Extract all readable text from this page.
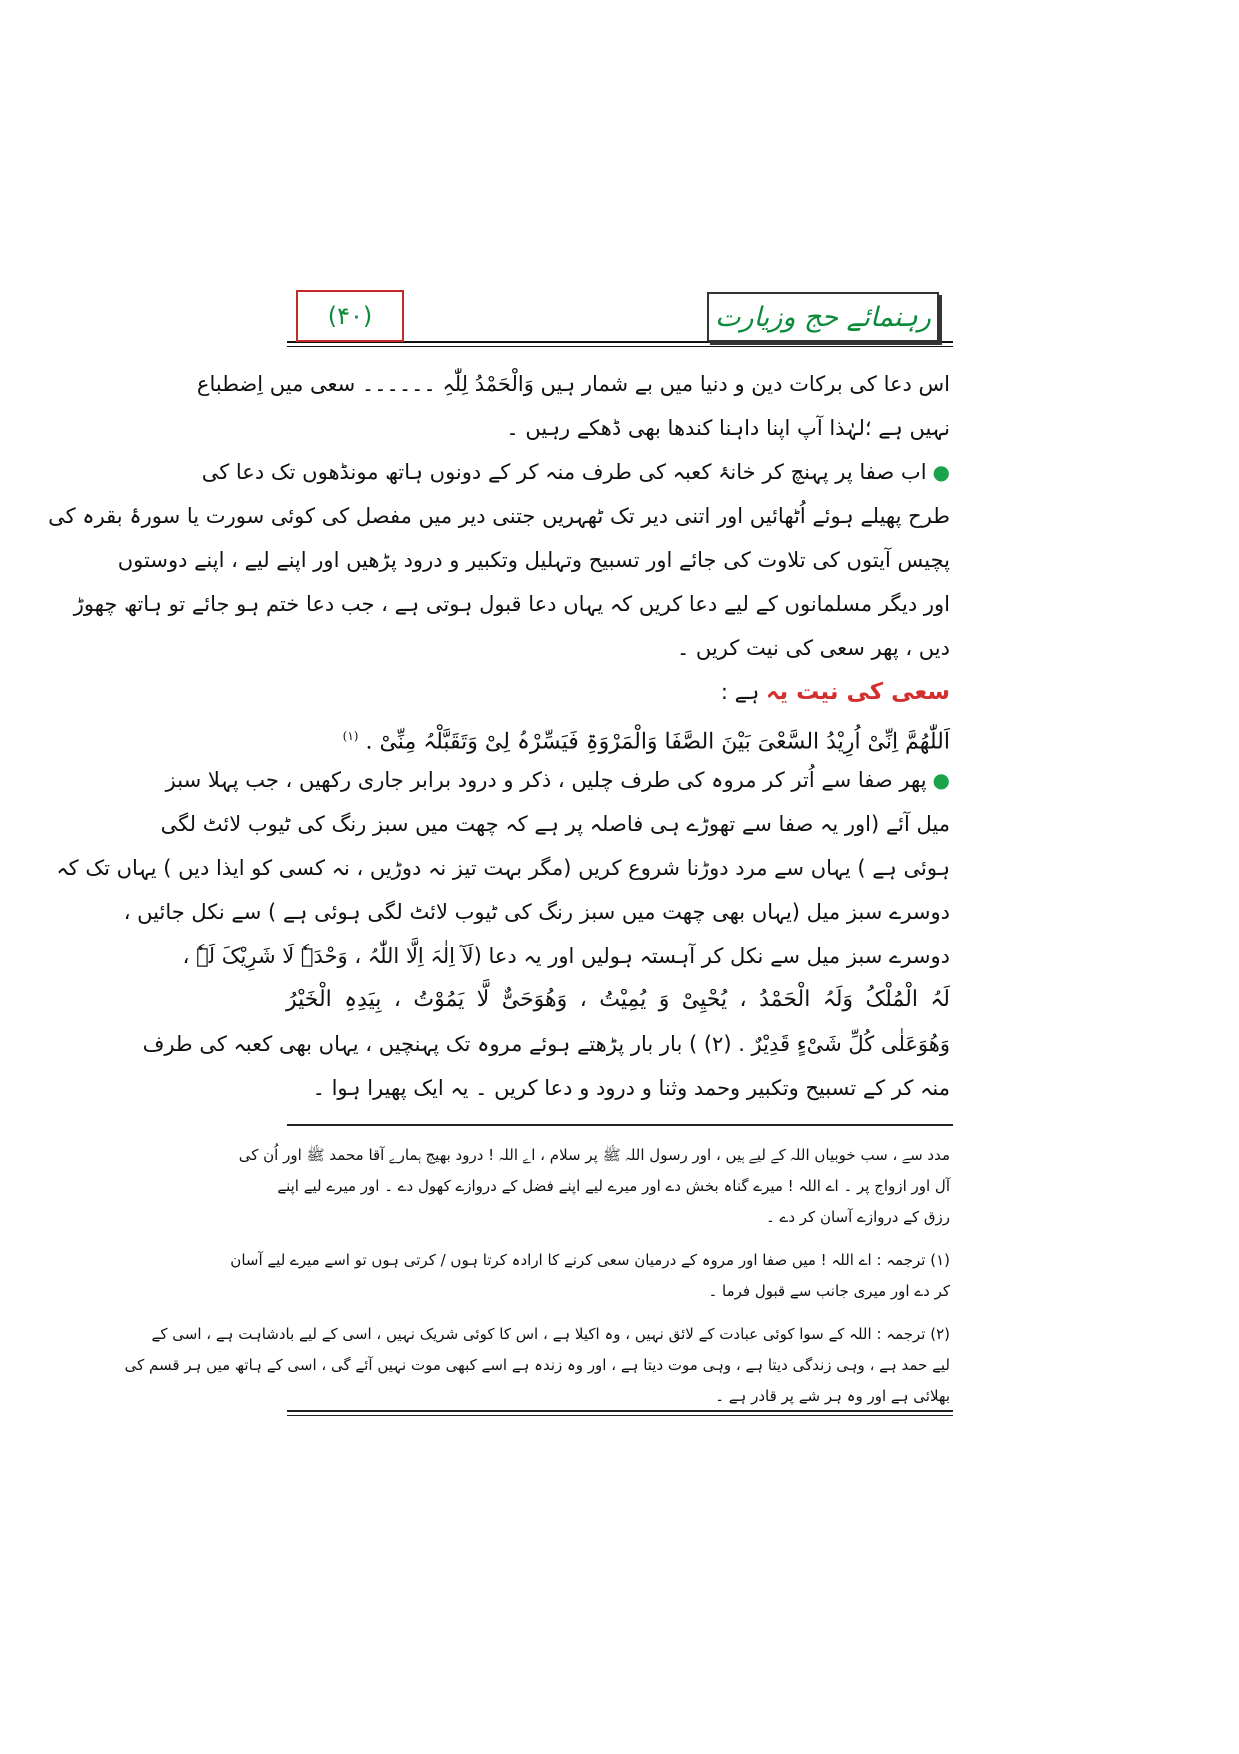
(۴۰)	رہنمائے حج وزیارت
اس دعا کی برکات دین و دنیا میں بے شمار ہیں وَالْحَمْدُ لِلّٰہِ ۔۔۔۔۔۔ سعی میں اِضطباع
نہیں ہے ؛لہٰذا آپ اپنا داہنا کندھا بھی ڈھکے رہیں ۔
●اب صفا پر پہنچ کر خانۂ کعبہ کی طرف منہ کر کے دونوں ہاتھ مونڈھوں تک دعا کی
طرح پھیلے ہوئے اُٹھائیں اور اتنی دیر تک ٹھہریں جتنی دیر میں مفصل کی کوئی سورت یا سورۂ بقرہ کی
پچیس آیتوں کی تلاوت کی جائے اور تسبیح وتہلیل وتکبیر و درود پڑھیں اور اپنے لیے ، اپنے دوستوں
اور دیگر مسلمانوں کے لیے دعا کریں کہ یہاں دعا قبول ہوتی ہے ، جب دعا ختم ہو جائے تو ہاتھ چھوڑ
دیں ، پھر سعی کی نیت کریں ۔
سعی کی نیت یہ ہے :
اَللّٰھُمَّ اِنِّیْ اُرِیْدُ السَّعْیَ بَیْنَ الصَّفَا وَالْمَرْوَۃِ فَیَسِّرْہُ لِیْ وَتَقَبَّلْہُ مِنِّیْ . $^{(۱)}$
●پھر صفا سے اُتر کر مروہ کی طرف چلیں ، ذکر و درود برابر جاری رکھیں ، جب پہلا سبز
میل آئے (اور یہ صفا سے تھوڑے ہی فاصلہ پر ہے کہ چھت میں سبز رنگ کی ٹیوب لائٹ لگی
ہوئی ہے ) یہاں سے مرد دوڑنا شروع کریں (مگر بہت تیز نہ دوڑیں ، نہ کسی کو ایذا دیں ) یہاں تک کہ
دوسرے سبز میل (یہاں بھی چھت میں سبز رنگ کی ٹیوب لائٹ لگی ہوئی ہے ) سے نکل جائیں ،
دوسرے سبز میل سے نکل کر آہستہ ہولیں اور یہ دعا (لَآ اِلٰہَ اِلَّا اللّٰہُ ، وَحْدَہٗ لَا شَرِیْکَ لَہٗ ،
لَہُ الْمُلْکُ وَلَہُ الْحَمْدُ ، یُحْیِیْ وَ یُمِیْتُ ، وَھُوَحَیٌّ لَّا یَمُوْتُ ، بِیَدِہِ الْخَیْرُ
وَھُوَعَلٰی کُلِّ شَیْءٍ قَدِیْرٌ . (۲) ) بار بار پڑھتے ہوئے مروہ تک پہنچیں ، یہاں بھی کعبہ کی طرف
منہ کر کے تسبیح وتکبیر وحمد وثنا و درود و دعا کریں ۔ یہ ایک پھیرا ہوا ۔
مدد سے ، سب خوبیاں اللہ کے لیے ہیں ، اور رسول اللہ ﷺ پر سلام ، اے اللہ ! درود بھیج ہمارے آقا محمد ﷺ اور اُن کی
آل اور ازواج پر ۔ اے اللہ ! میرے گناہ بخش دے اور میرے لیے اپنے فضل کے دروازے کھول دے ۔ اور میرے لیے اپنے
رزق کے دروازے آسان کر دے ۔
(۱) ترجمہ : اے اللہ ! میں صفا اور مروہ کے درمیان سعی کرنے کا ارادہ کرتا ہوں / کرتی ہوں تو اسے میرے لیے آسان
کر دے اور میری جانب سے قبول فرما ۔
(۲) ترجمہ : اللہ کے سوا کوئی عبادت کے لائق نہیں ، وہ اکیلا ہے ، اس کا کوئی شریک نہیں ، اسی کے لیے بادشاہت ہے ، اسی کے
لیے حمد ہے ، وہی زندگی دیتا ہے ، وہی موت دیتا ہے ، اور وہ زندہ ہے اسے کبھی موت نہیں آئے گی ، اسی کے ہاتھ میں ہر قسم کی
بھلائی ہے اور وہ ہر شے پر قادر ہے ۔
